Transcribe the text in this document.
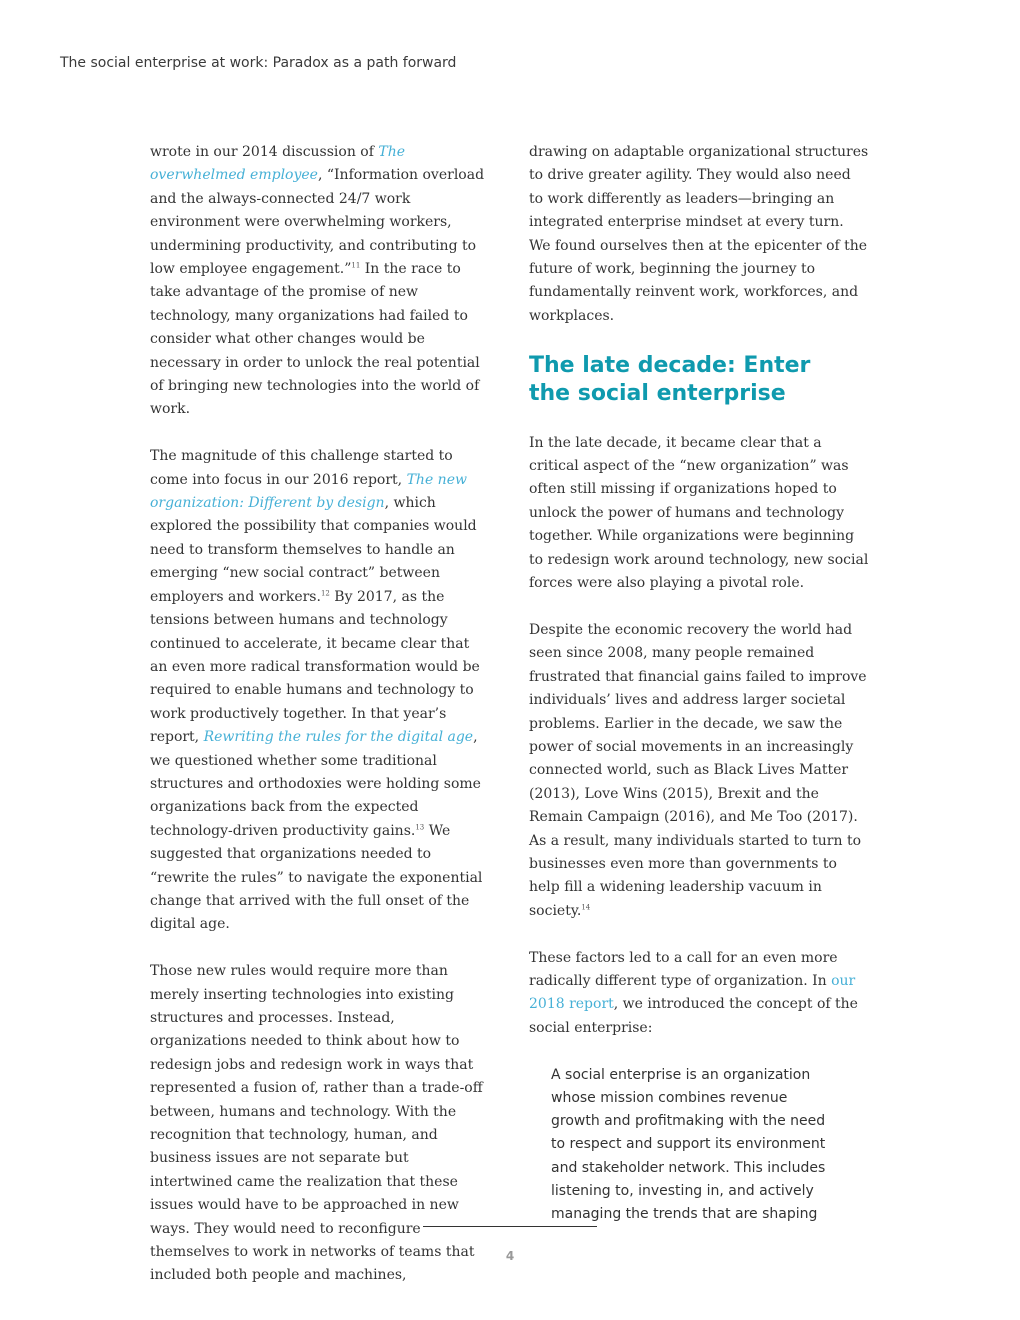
The social enterprise at work: Paradox as a path forward

wrote in our 2014 discussion of The overwhelmed employee, “Information overload and the always-connected 24/7 work environment were overwhelming workers, undermining productivity, and contributing to low employee engagement.”$^{11}$ In the race to take advantage of the promise of new technology, many organizations had failed to consider what other changes would be necessary in order to unlock the real potential of bringing new technologies into the world of work.

The magnitude of this challenge started to come into focus in our 2016 report, The new organization: Different by design, which explored the possibility that companies would need to transform themselves to handle an emerging “new social contract” between employers and workers.$^{12}$ By 2017, as the tensions between humans and technology continued to accelerate, it became clear that an even more radical transformation would be required to enable humans and technology to work productively together. In that year’s report, Rewriting the rules for the digital age, we questioned whether some traditional structures and orthodoxies were holding some organizations back from the expected technology-driven productivity gains.$^{13}$ We suggested that organizations needed to “rewrite the rules” to navigate the exponential change that arrived with the full onset of the digital age.

Those new rules would require more than merely inserting technologies into existing structures and processes. Instead, organizations needed to think about how to redesign jobs and redesign work in ways that represented a fusion of, rather than a trade-off between, humans and technology. With the recognition that technology, human, and business issues are not separate but intertwined came the realization that these issues would have to be approached in new ways. They would need to reconfigure themselves to work in networks of teams that included both people and machines,

drawing on adaptable organizational structures to drive greater agility. They would also need to work differently as leaders—bringing an integrated enterprise mindset at every turn. We found ourselves then at the epicenter of the future of work, beginning the journey to fundamentally reinvent work, workforces, and workplaces.

The late decade: Enter
the social enterprise

In the late decade, it became clear that a critical aspect of the “new organization” was often still missing if organizations hoped to unlock the power of humans and technology together. While organizations were beginning to redesign work around technology, new social forces were also playing a pivotal role.

Despite the economic recovery the world had seen since 2008, many people remained frustrated that financial gains failed to improve individuals’ lives and address larger societal problems. Earlier in the decade, we saw the power of social movements in an increasingly connected world, such as Black Lives Matter (2013), Love Wins (2015), Brexit and the Remain Campaign (2016), and Me Too (2017). As a result, many individuals started to turn to businesses even more than governments to help fill a widening leadership vacuum in society.$^{14}$

These factors led to a call for an even more radically different type of organization. In our 2018 report, we introduced the concept of the social enterprise:

A social enterprise is an organization whose mission combines revenue growth and profitmaking with the need to respect and support its environment and stakeholder network. This includes listening to, investing in, and actively managing the trends that are shaping
4
